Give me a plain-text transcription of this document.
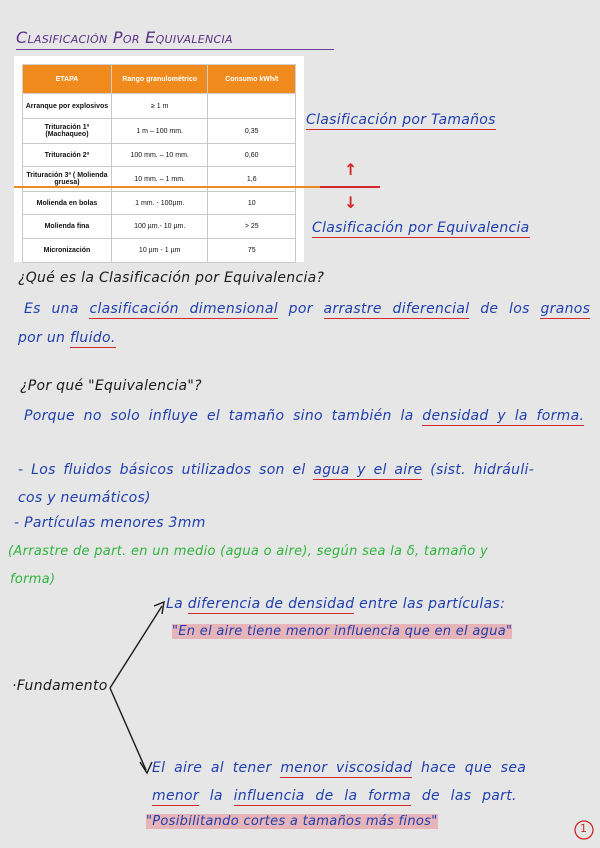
Clasificación Por Equivalencia
ETAPA	Rango granulométrico	Consumo kWh/t
Arranque por explosivos	≥ 1 m	
Trituración 1ª (Machaqueo)	1 m – 100 mm.	0,35
Trituración 2ª	100 mm. – 10 mm.	0,60
Trituración 3ª ( Molienda gruesa)	10 mm. – 1 mm.	1,6
Molienda en bolas	1 mm. - 100µm.	10
Molienda fina	100 µm.- 10 µm.	> 25
Micronización	10 µm - 1 µm	75
Clasificación por Tamaños
↑
↓
Clasificación por Equivalencia
¿Qué es la Clasificación por Equivalencia?
Es una clasificación dimensional por arrastre diferencial de los granos
por un fluido.
¿Por qué "Equivalencia"?
Porque no solo influye el tamaño sino también la densidad y la forma.
- Los fluidos básicos utilizados son el agua y el aire (sist. hidráuli-
cos y neumáticos)
- Partículas menores 3mm
(Arrastre de part. en un medio (agua o aire), según sea la δ, tamaño y
forma)
·Fundamento
La diferencia de densidad entre las partículas:
"En el aire tiene menor influencia que en el agua"
El aire al tener menor viscosidad hace que sea
menor la influencia de la forma de las part.
"Posibilitando cortes a tamaños más finos"	1
